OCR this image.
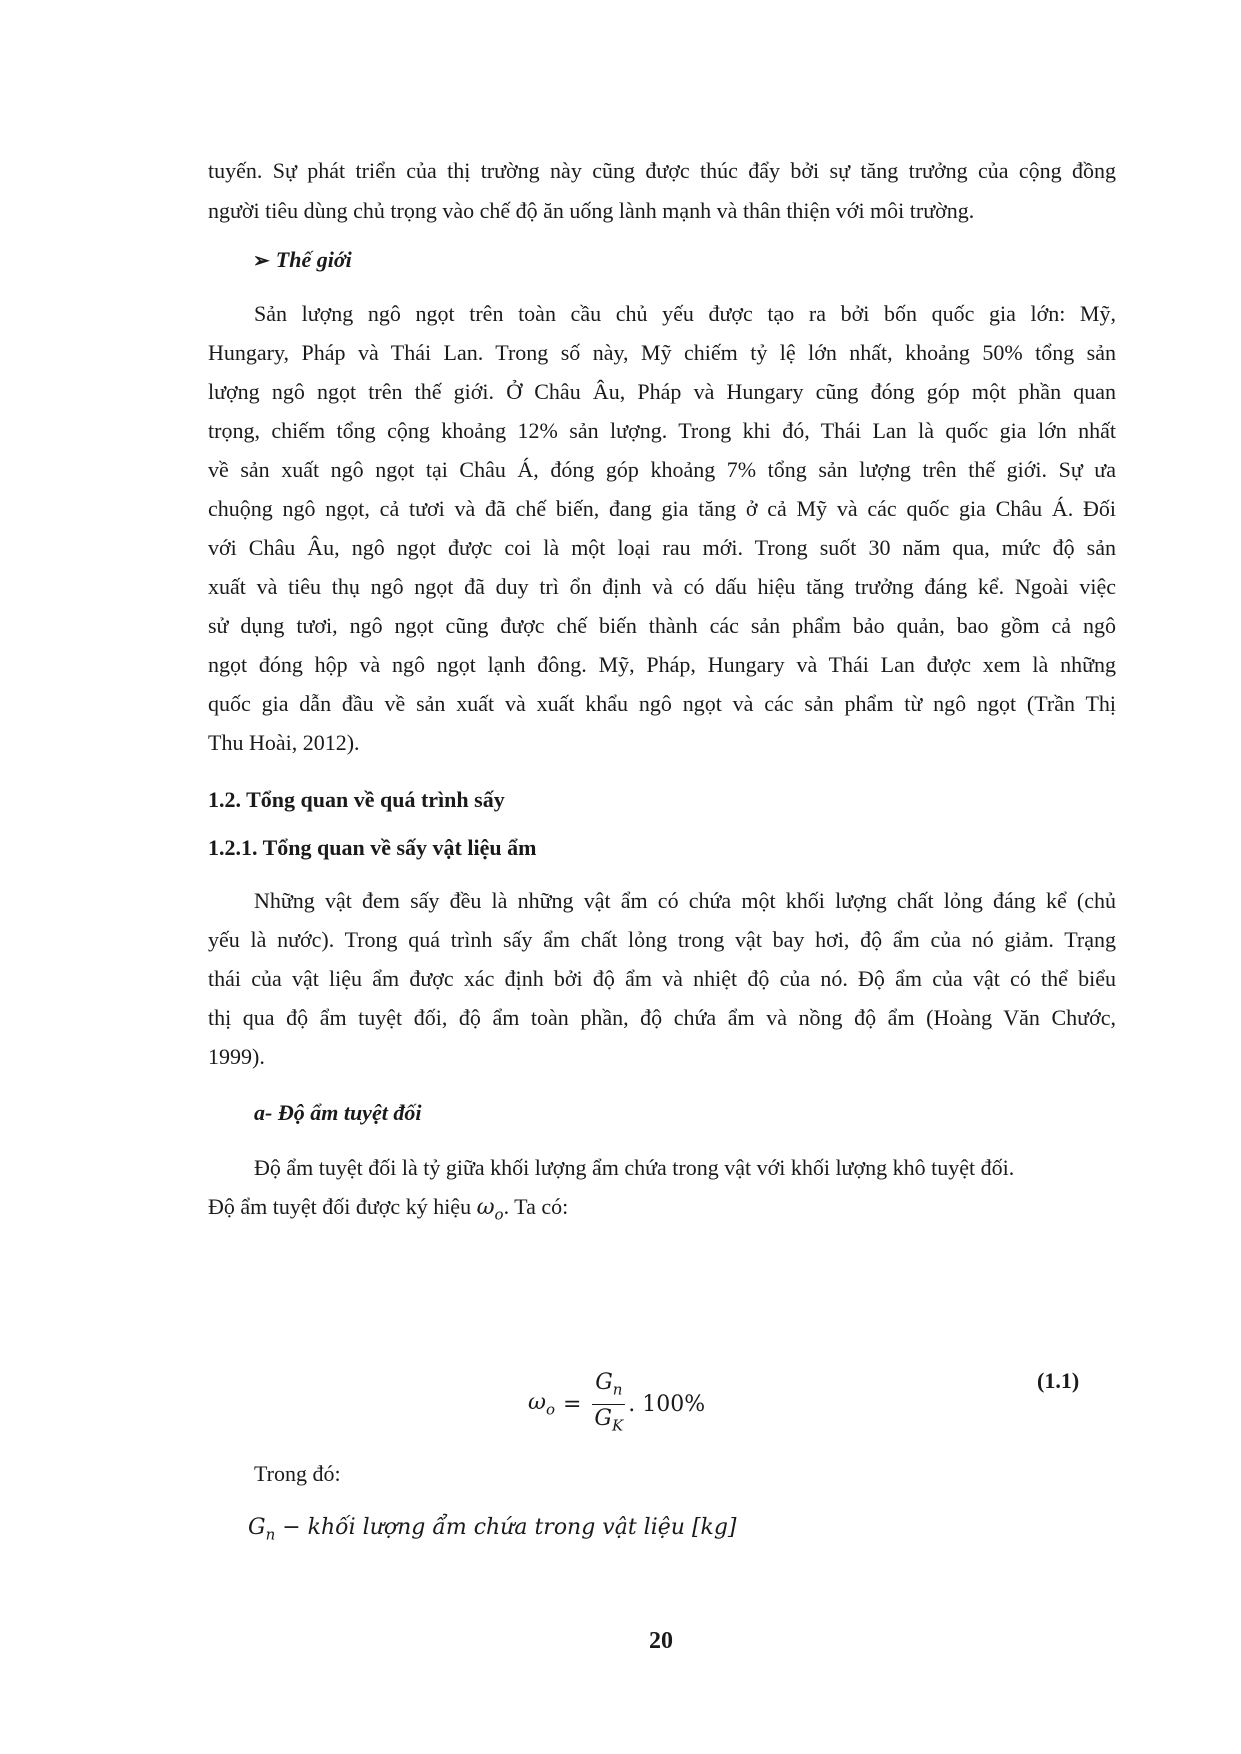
tuyến. Sự phát triển của thị trường này cũng được thúc đẩy bởi sự tăng trưởng của cộng đồng
người tiêu dùng chủ trọng vào chế độ ăn uống lành mạnh và thân thiện với môi trường.
➢ Thế giới
Sản lượng ngô ngọt trên toàn cầu chủ yếu được tạo ra bởi bốn quốc gia lớn: Mỹ,
Hungary, Pháp và Thái Lan. Trong số này, Mỹ chiếm tỷ lệ lớn nhất, khoảng 50% tổng sản
lượng ngô ngọt trên thế giới. Ở Châu Âu, Pháp và Hungary cũng đóng góp một phần quan
trọng, chiếm tổng cộng khoảng 12% sản lượng. Trong khi đó, Thái Lan là quốc gia lớn nhất
về sản xuất ngô ngọt tại Châu Á, đóng góp khoảng 7% tổng sản lượng trên thế giới. Sự ưa
chuộng ngô ngọt, cả tươi và đã chế biến, đang gia tăng ở cả Mỹ và các quốc gia Châu Á. Đối
với Châu Âu, ngô ngọt được coi là một loại rau mới. Trong suốt 30 năm qua, mức độ sản
xuất và tiêu thụ ngô ngọt đã duy trì ổn định và có dấu hiệu tăng trưởng đáng kể. Ngoài việc
sử dụng tươi, ngô ngọt cũng được chế biến thành các sản phẩm bảo quản, bao gồm cả ngô
ngọt đóng hộp và ngô ngọt lạnh đông. Mỹ, Pháp, Hungary và Thái Lan được xem là những
quốc gia dẫn đầu về sản xuất và xuất khẩu ngô ngọt và các sản phẩm từ ngô ngọt (Trần Thị
Thu Hoài, 2012).
1.2. Tổng quan về quá trình sấy
1.2.1. Tổng quan về sấy vật liệu ẩm
Những vật đem sấy đều là những vật ẩm có chứa một khối lượng chất lỏng đáng kể (chủ
yếu là nước). Trong quá trình sấy ẩm chất lỏng trong vật bay hơi, độ ẩm của nó giảm. Trạng
thái của vật liệu ẩm được xác định bởi độ ẩm và nhiệt độ của nó. Độ ẩm của vật có thể biểu
thị qua độ ẩm tuyệt đối, độ ẩm toàn phần, độ chứa ẩm và nồng độ ẩm (Hoàng Văn Chước,
1999).
a- Độ ẩm tuyệt đối
Độ ẩm tuyệt đối là tỷ giữa khối lượng ẩm chứa trong vật với khối lượng khô tuyệt đối.
Độ ẩm tuyệt đối được ký hiệu $\omega_o$. Ta có:
$\omega_o = \frac{G_n}{G_K}$ . 100%
(1.1)
Trong đó:
$G_n$ − khối lượng ẩm chứa trong vật liệu [kg]
20
